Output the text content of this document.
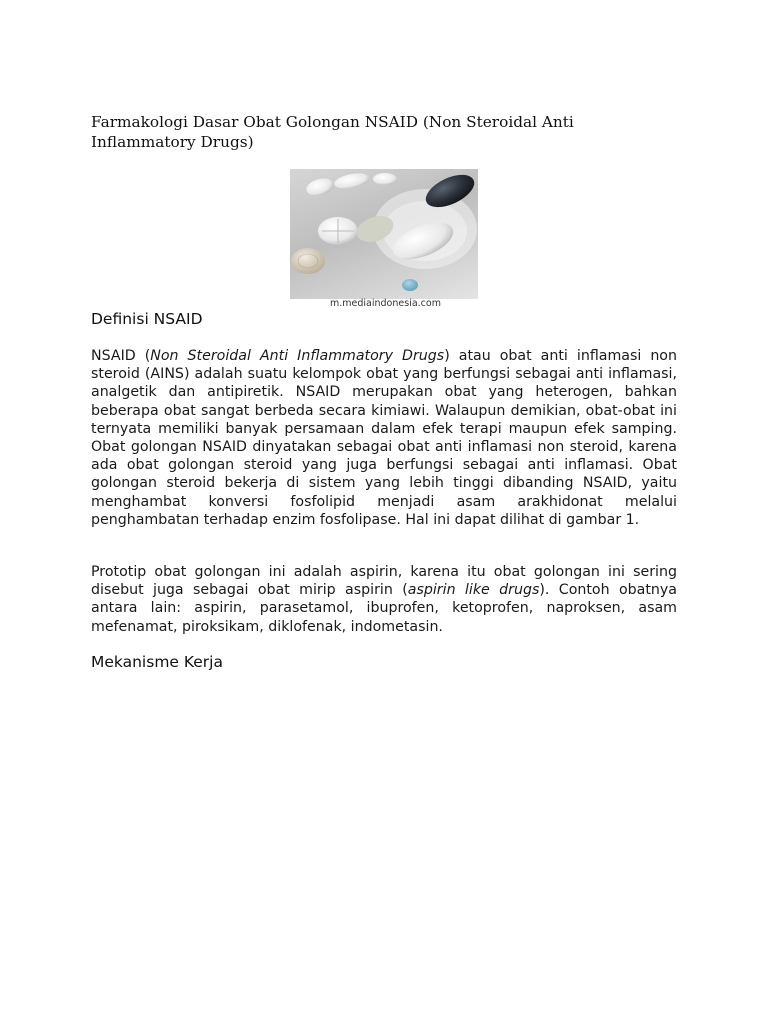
Farmakologi Dasar Obat Golongan NSAID (Non Steroidal Anti Inflammatory Drugs)
m.mediaindonesia.com
Definisi NSAID

NSAID (Non Steroidal Anti Inflammatory Drugs) atau obat anti inflamasi non steroid (AINS) adalah suatu kelompok obat yang berfungsi sebagai anti inflamasi, analgetik dan antipiretik. NSAID merupakan obat yang heterogen, bahkan beberapa obat sangat berbeda secara kimiawi. Walaupun demikian, obat-obat ini ternyata memiliki banyak persamaan dalam efek terapi maupun efek samping. Obat golongan NSAID dinyatakan sebagai obat anti inflamasi non steroid, karena ada obat golongan steroid yang juga berfungsi sebagai anti inflamasi. Obat golongan steroid bekerja di sistem yang lebih tinggi dibanding NSAID, yaitu menghambat konversi fosfolipid menjadi asam arakhidonat melalui penghambatan terhadap enzim fosfolipase. Hal ini dapat dilihat di gambar 1.

Prototip obat golongan ini adalah aspirin, karena itu obat golongan ini sering disebut juga sebagai obat mirip aspirin (aspirin like drugs). Contoh obatnya antara lain: aspirin, parasetamol, ibuprofen, ketoprofen, naproksen, asam mefenamat, piroksikam, diklofenak, indometasin.

Mekanisme Kerja
